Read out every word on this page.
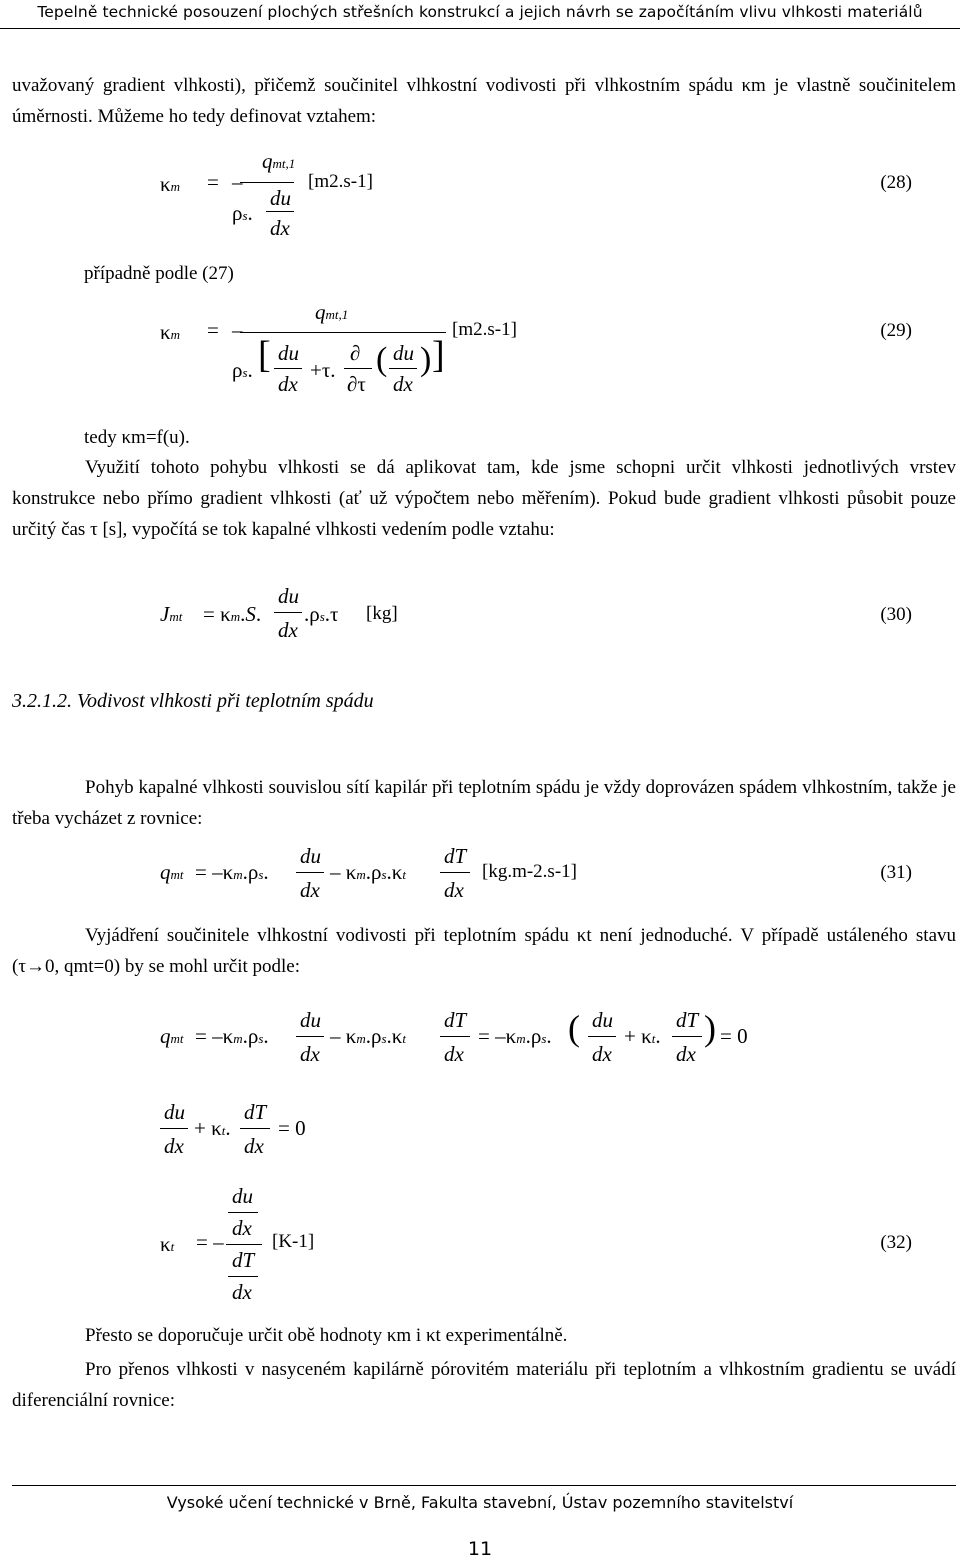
Tepelně technické posouzení plochých střešních konstrukcí a jejich návrh se započítáním vlivu vlhkosti materiálů
uvažovaný gradient vlhkosti), přičemž součinitel vlhkostní vodivosti při vlhkostním spádu κm je vlastně součinitelem úměrnosti. Můžeme ho tedy definovat vztahem:
κm = –
qmt,1
ρs.
du
dx
[m2.s-1]	(28)
případně podle (27)
κm = –
qmt,1
ρs. [ du
dx
+τ.
∂
∂τ
( du
dx
) ]
[m2.s-1]	(29)
tedy κm=f(u).
Využití tohoto pohybu vlhkosti se dá aplikovat tam, kde jsme schopni určit vlhkosti jednotlivých vrstev konstrukce nebo přímo gradient vlhkosti (ať už výpočtem nebo měřením). Pokud bude gradient vlhkosti působit pouze určitý čas τ [s], vypočítá se tok kapalné vlhkosti vedením podle vztahu:
Jmt = κm.S.
du
dx
.ρs.τ [kg]	(30)
3.2.1.2. Vodivost vlhkosti při teplotním spádu
Pohyb kapalné vlhkosti souvislou sítí kapilár při teplotním spádu je vždy doprovázen spádem vlhkostním, takže je třeba vycházet z rovnice:
qmt = –κm.ρs.
du
dx
– κm.ρs.κt
dT
dx
[kg.m-2.s-1]	(31)
Vyjádření součinitele vlhkostní vodivosti při teplotním spádu κt není jednoduché. V případě ustáleného stavu (τ→0, qmt=0) by se mohl určit podle:
qmt = –κm.ρs.
du
dx
– κm.ρs.κt
dT
dx
= –κm.ρs. ( du
dx
+ κt.
dT
dx
) = 0
du
dx
+ κt.
dT
dx
= 0
κt = –
du
dx
dT
dx
[K-1]	(32)
Přesto se doporučuje určit obě hodnoty κm i κt experimentálně.
Pro přenos vlhkosti v nasyceném kapilárně pórovitém materiálu při teplotním a vlhkostním gradientu se uvádí diferenciální rovnice:
Vysoké učení technické v Brně, Fakulta stavební, Ústav pozemního stavitelství
11
